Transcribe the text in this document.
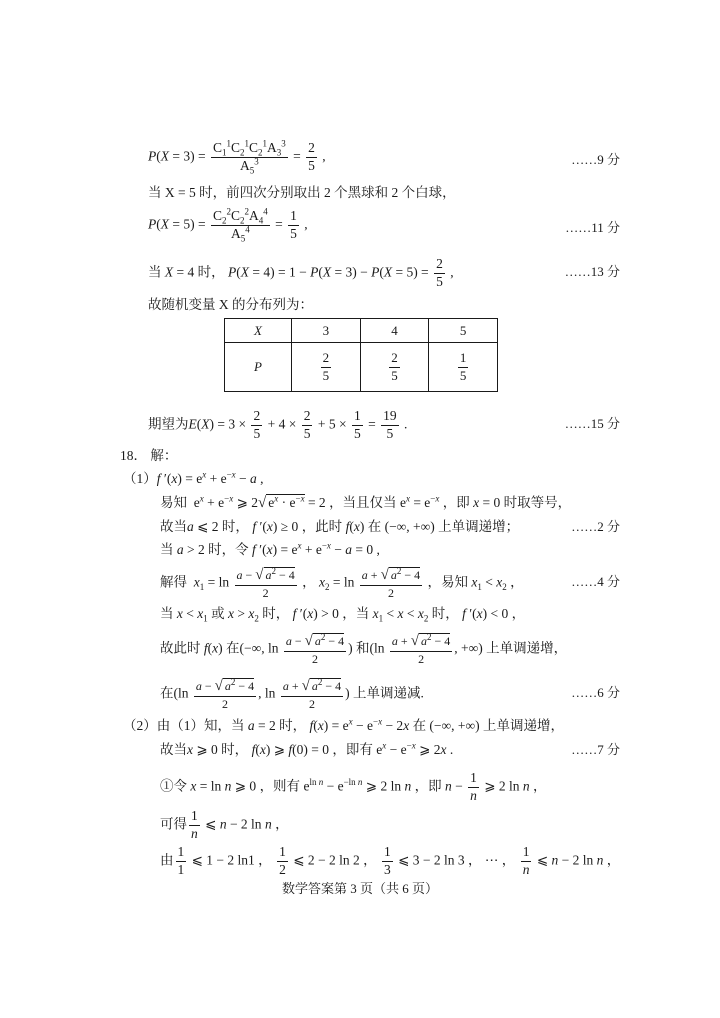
$P(X = 3) = \frac{C_1^1C_2^1C_2^1A_3^3}{A_5^3} = \frac{2}{5}$ ,	……9 分
当 X = 5 时，前四次分别取出 2 个黑球和 2 个白球，
$P(X = 5) = \frac{C_2^2C_2^2A_4^4}{A_5^4} = \frac{1}{5}$ ,	……11 分
当 X = 4 时， $P(X = 4) = 1 - P(X = 3) - P(X = 5) = \frac{2}{5}$ ,	……13 分
故随机变量 X 的分布列为：
X	3	4	5
P	$\frac{2}{5}$	$\frac{2}{5}$	$\frac{1}{5}$
期望为$E(X) = 3 \times \frac{2}{5} + 4 \times \frac{2}{5} + 5 \times \frac{1}{5} = \frac{19}{5}$ .	……15 分
18． 解：
（1）f $'(x) = e^x + e^{-x} - a$ ,
易知  $e^x + e^{-x}$ ⩾ 2√ $e^x \cdot e^{-x} = 2$ ，当且仅当 $e^x = e^{-x}$ ，即 x = 0 时取等号，
故当a ⩽ 2 时， f ′(x) ≥ 0 ，此时 f(x) 在 (−∞, +∞) 上单调递增；	……2 分
当 a > 2 时，令 f $'(x) = e^x + e^{-x} - a = 0$ ,
解得 $x_1 = \ln \frac{a - √ a^2 - 4}{2}$ ， $x_2 = \ln \frac{a + √ a^2 - 4}{2}$ ，易知 $x_1 < x_2$ ，	……4 分
当 $x < x_1$ 或 $x > x_2$ 时， f ′(x) > 0 ，当 $x_1 < x < x_2$ 时， f ′(x) < 0 ，
故此时 f(x) 在(−∞, $\ln \frac{a - √ a^2 - 4}{2}$ ) 和($\ln \frac{a + √ a^2 - 4}{2}$ , +∞) 上单调递增，
在($\ln \frac{a - √ a^2 - 4}{2}$ , $\ln \frac{a + √ a^2 - 4}{2}$ ) 上单调递减.	……6 分
（2）由（1）知，当 a = 2 时， $f(x) = e^x - e^{-x} - 2x$ 在 (−∞, +∞) 上单调递增，
故当x ⩾ 0 时， f(x) ⩾ f(0) = 0 ，即有 $e^x - e^{-x}$ ⩾ 2x .	……7 分
①令 x = ln n ⩾ 0 ，则有 $e^{ln n} - e^{-ln n}$ ⩾ 2 ln n ，即 $n - \frac{1}{n}$ ⩾ 2 ln n ，
可得 $\frac{1}{n}$ ⩽ n − 2 ln n ，
由 $\frac{1}{1}$ ⩽ 1 − 2 ln1 ， $\frac{1}{2}$ ⩽ 2 − 2 ln 2 ， $\frac{1}{3}$ ⩽ 3 − 2 ln 3 ， ⋯ ， $\frac{1}{n}$ ⩽ n − 2 ln n ，
数学答案第 3 页（共 6 页）
